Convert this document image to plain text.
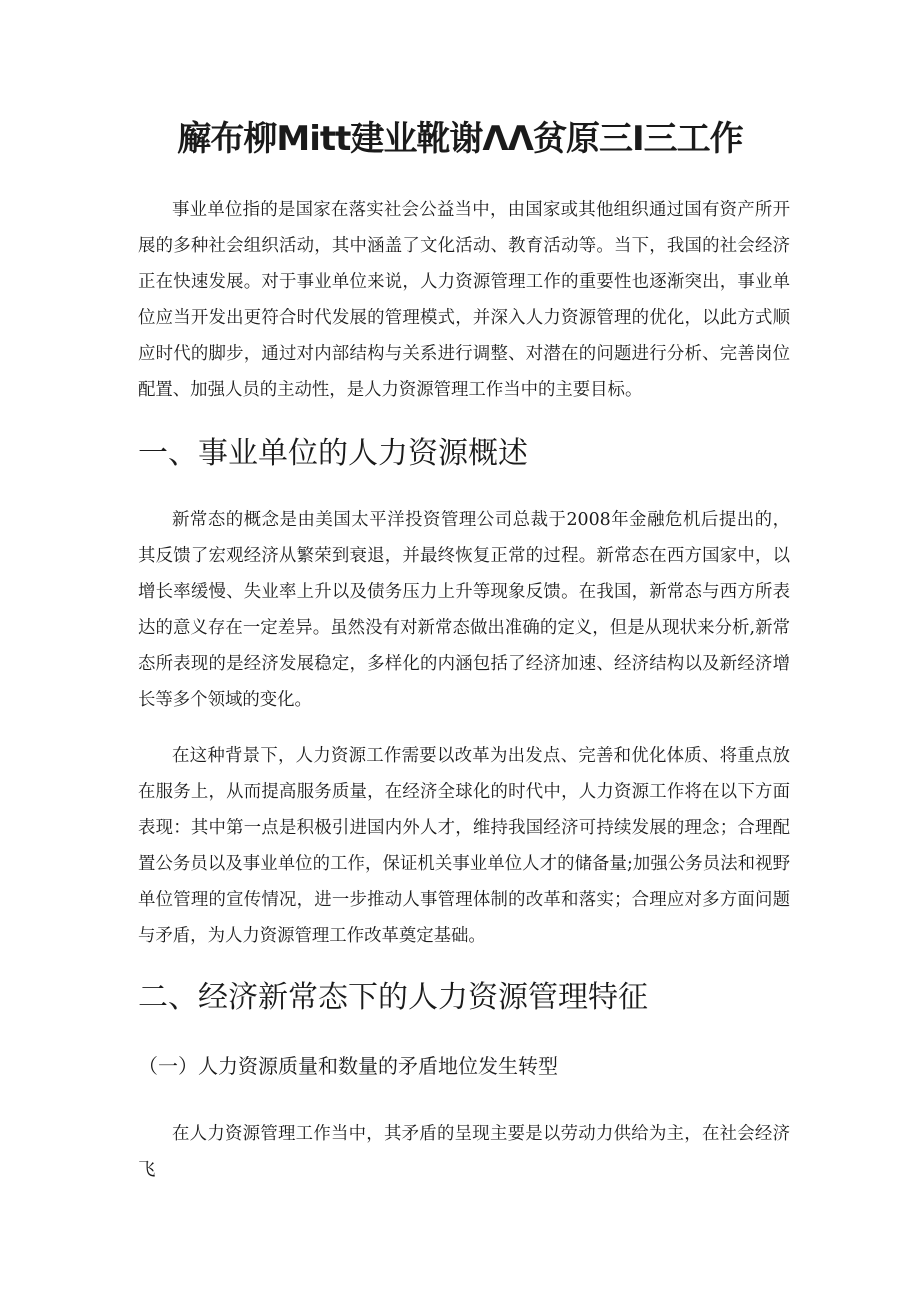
廨布柳Mitt建业靴谢ΛΛ贫原三I三工作

事业单位指的是国家在落实社会公益当中，由国家或其他组织通过国有资产所开展的多种社会组织活动，其中涵盖了文化活动、教育活动等。当下，我国的社会经济正在快速发展。对于事业单位来说，人力资源管理工作的重要性也逐渐突出，事业单位应当开发出更符合时代发展的管理模式，并深入人力资源管理的优化，以此方式顺应时代的脚步，通过对内部结构与关系进行调整、对潜在的问题进行分析、完善岗位配置、加强人员的主动性，是人力资源管理工作当中的主要目标。

一、事业单位的人力资源概述

新常态的概念是由美国太平洋投资管理公司总裁于2008年金融危机后提出的，其反馈了宏观经济从繁荣到衰退，并最终恢复正常的过程。新常态在西方国家中，以增长率缓慢、失业率上升以及债务压力上升等现象反馈。在我国，新常态与西方所表达的意义存在一定差异。虽然没有对新常态做出准确的定义，但是从现状来分析,新常态所表现的是经济发展稳定，多样化的内涵包括了经济加速、经济结构以及新经济增长等多个领域的变化。

在这种背景下，人力资源工作需要以改革为出发点、完善和优化体质、将重点放在服务上，从而提高服务质量，在经济全球化的时代中，人力资源工作将在以下方面表现：其中第一点是积极引进国内外人才，维持我国经济可持续发展的理念；合理配置公务员以及事业单位的工作，保证机关事业单位人才的储备量;加强公务员法和视野单位管理的宣传情况，进一步推动人事管理体制的改革和落实；合理应对多方面问题与矛盾，为人力资源管理工作改革奠定基础。

二、经济新常态下的人力资源管理特征
（一）人力资源质量和数量的矛盾地位发生转型

在人力资源管理工作当中，其矛盾的呈现主要是以劳动力供给为主，在社会经济飞
